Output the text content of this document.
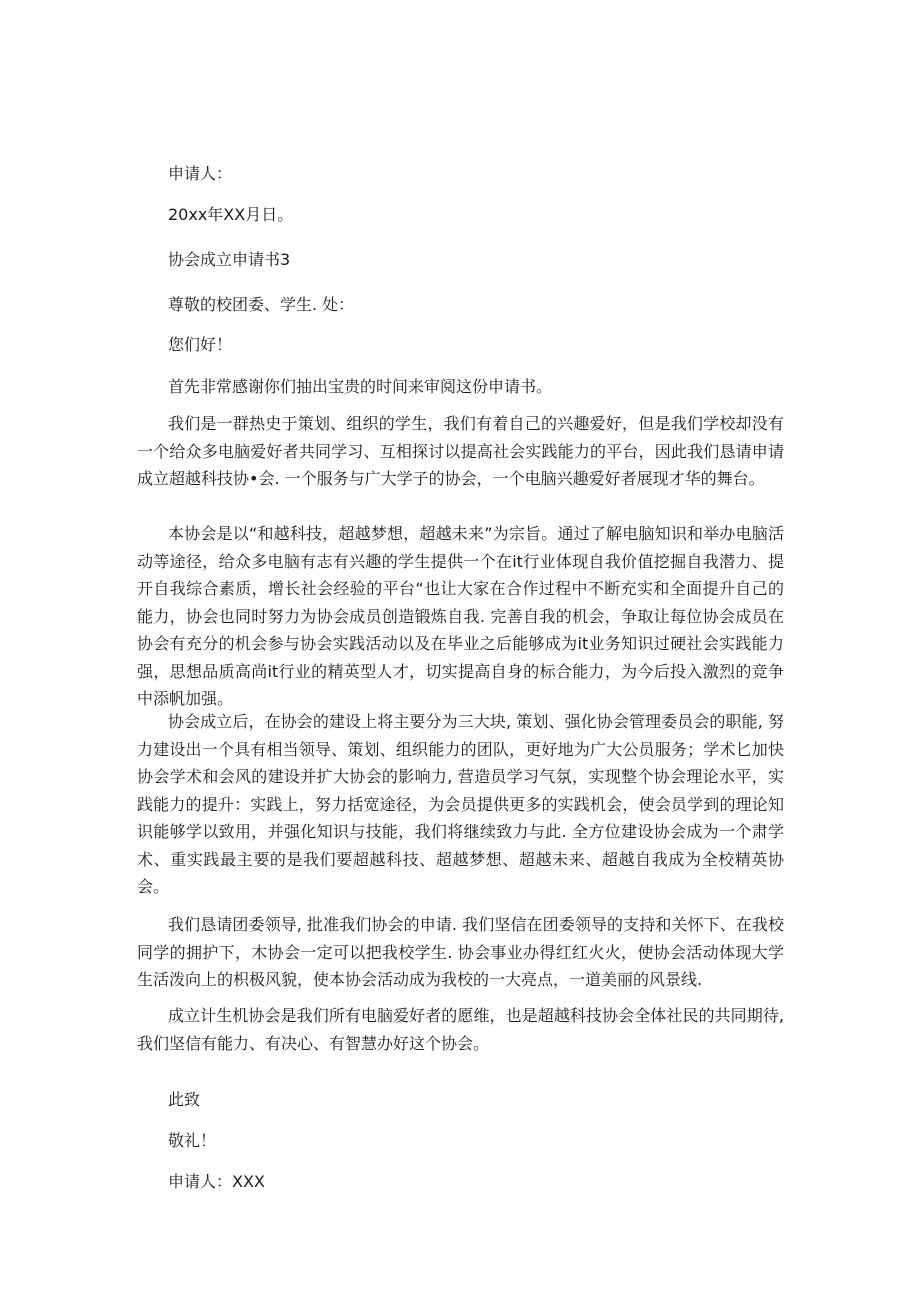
申请人：
20xx年XX月日。
协会成立申请书3
尊敬的校团委、学生. 处：
您们好！
首先非常感谢你们抽出宝贵的时间来审阅这份申请书。
我们是一群热史于策划、组织的学生，我们有着自己的兴趣爱好，但是我们学校却没有一个给众多电脑爱好者共同学习、互相探讨以提高社会实践能力的平台，因此我们恳请申请成立超越科技协•会. 一个服务与广大学子的协会，一个电脑兴趣爱好者展现才华的舞台。
本协会是以“和越科技，超越梦想，超越未来”为宗旨。通过了解电脑知识和举办电脑活动等途径，给众多电脑有志有兴趣的学生提供一个在it行业体现自我价值挖掘自我潜力、提开自我综合素质，增长社会经验的平台“也让大家在合作过程中不断充实和全面提升自己的能力，协会也同时努力为协会成员创造锻炼自我. 完善自我的机会，争取让每位协会成员在协会有充分的机会参与协会实践活动以及在毕业之后能够成为it业务知识过硬社会实践能力强，思想品质高尚it行业的精英型人才，切实提高自身的标合能力，为今后投入激烈的竞争中添帆加强。
协会成立后，在协会的建设上将主要分为三大块, 策划、强化协会管理委员会的职能, 努力建设出一个具有相当领导、策划、组织能力的团队，更好地为广大公员服务；学术匕加快协会学术和会风的建设并扩大协会的影响力, 营造员学习气氛，实现整个协会理论水平，实践能力的提升：实践上，努力括宽途径，为会员提供更多的实践机会，使会员学到的理论知识能够学以致用，并强化知识与技能，我们将继续致力与此. 全方位建设协会成为一个肃学术、重实践最主要的是我们要超越科技、超越梦想、超越未来、超越自我成为全校精英协会。
我们恳请团委领导, 批准我们协会的申请. 我们坚信在团委领导的支持和关怀下、在我校同学的拥护下，木协会一定可以把我校学生. 协会事业办得红红火火，使协会活动体现大学生活泼向上的枳极风貌，使本协会活动成为我校的一大亮点，一道美丽的风景线.
成立计生机协会是我们所有电脑爱好者的愿维，也是超越科技协会全体社民的共同期待, 我们坚信有能力、有决心、有智慧办好这个协会。
此致
敬礼！
申请人：XXX
